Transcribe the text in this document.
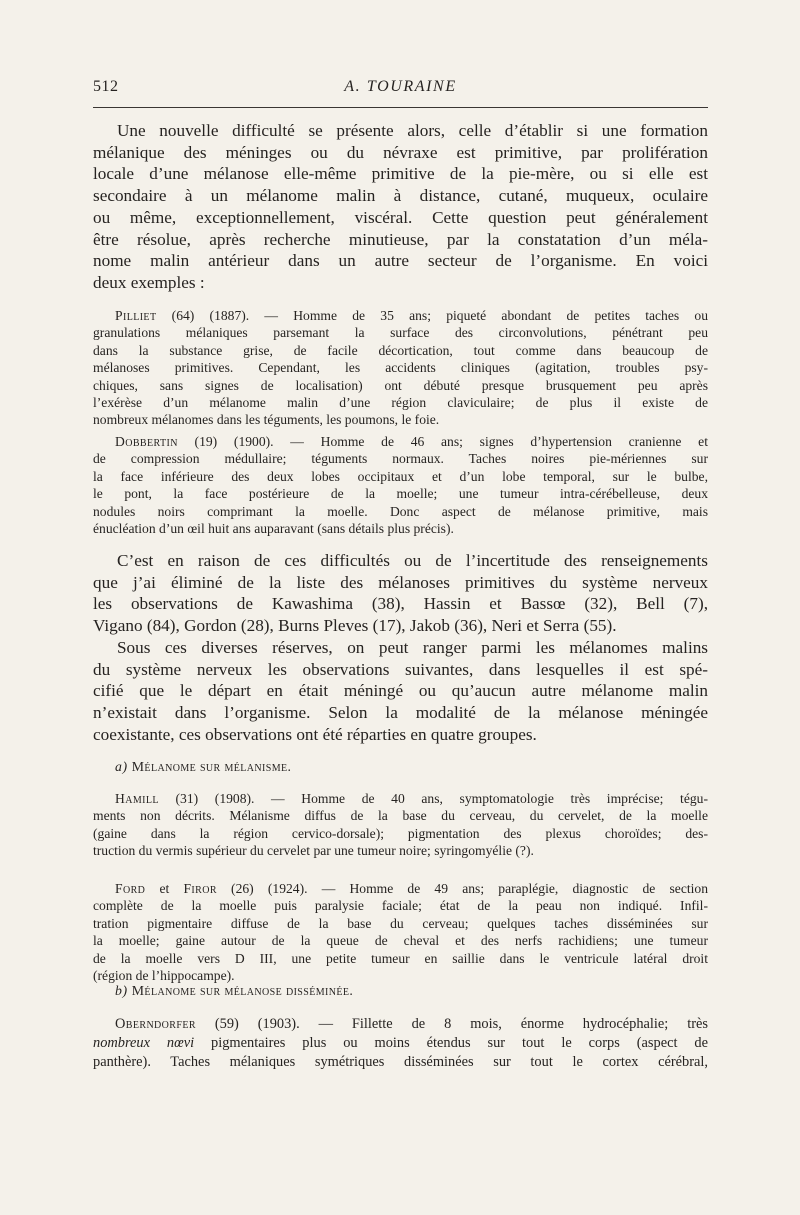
512	A. TOURAINE
Une nouvelle difficulté se présente alors, celle d’établir si une formation
mélanique des méninges ou du névraxe est primitive, par prolifération
locale d’une mélanose elle-même primitive de la pie-mère, ou si elle est
secondaire à un mélanome malin à distance, cutané, muqueux, oculaire
ou même, exceptionnellement, viscéral. Cette question peut généralement
être résolue, après recherche minutieuse, par la constatation d’un méla-
nome malin antérieur dans un autre secteur de l’organisme. En voici
deux exemples :
Pilliet (64) (1887). — Homme de 35 ans; piqueté abondant de petites taches ou
granulations mélaniques parsemant la surface des circonvolutions, pénétrant peu
dans la substance grise, de facile décortication, tout comme dans beaucoup de
mélanoses primitives. Cependant, les accidents cliniques (agitation, troubles psy-
chiques, sans signes de localisation) ont débuté presque brusquement peu après
l’exérèse d’un mélanome malin d’une région claviculaire; de plus il existe de
nombreux mélanomes dans les téguments, les poumons, le foie.
Dobbertin (19) (1900). — Homme de 46 ans; signes d’hypertension cranienne et
de compression médullaire; téguments normaux. Taches noires pie-mériennes sur
la face inférieure des deux lobes occipitaux et d’un lobe temporal, sur le bulbe,
le pont, la face postérieure de la moelle; une tumeur intra-cérébelleuse, deux
nodules noirs comprimant la moelle. Donc aspect de mélanose primitive, mais
énucléation d’un œil huit ans auparavant (sans détails plus précis).
C’est en raison de ces difficultés ou de l’incertitude des renseignements
que j’ai éliminé de la liste des mélanoses primitives du système nerveux
les observations de Kawashima (38), Hassin et Bassœ (32), Bell (7),
Vigano (84), Gordon (28), Burns Pleves (17), Jakob (36), Neri et Serra (55).
Sous ces diverses réserves, on peut ranger parmi les mélanomes malins
du système nerveux les observations suivantes, dans lesquelles il est spé-
cifié que le départ en était méningé ou qu’aucun autre mélanome malin
n’existait dans l’organisme. Selon la modalité de la mélanose méningée
coexistante, ces observations ont été réparties en quatre groupes.
a) Mélanome sur mélanisme.
Hamill (31) (1908). — Homme de 40 ans, symptomatologie très imprécise; tégu-
ments non décrits. Mélanisme diffus de la base du cerveau, du cervelet, de la moelle
(gaine dans la région cervico-dorsale); pigmentation des plexus choroïdes; des-
truction du vermis supérieur du cervelet par une tumeur noire; syringomyélie (?).
Ford et Firor (26) (1924). — Homme de 49 ans; paraplégie, diagnostic de section
complète de la moelle puis paralysie faciale; état de la peau non indiqué. Infil-
tration pigmentaire diffuse de la base du cerveau; quelques taches disséminées sur
la moelle; gaine autour de la queue de cheval et des nerfs rachidiens; une tumeur
de la moelle vers D III, une petite tumeur en saillie dans le ventricule latéral droit
(région de l’hippocampe).
b) Mélanome sur mélanose disséminée.
Oberndorfer (59) (1903). — Fillette de 8 mois, énorme hydrocéphalie; très
nombreux nœvi pigmentaires plus ou moins étendus sur tout le corps (aspect de
panthère). Taches mélaniques symétriques disséminées sur tout le cortex cérébral,
